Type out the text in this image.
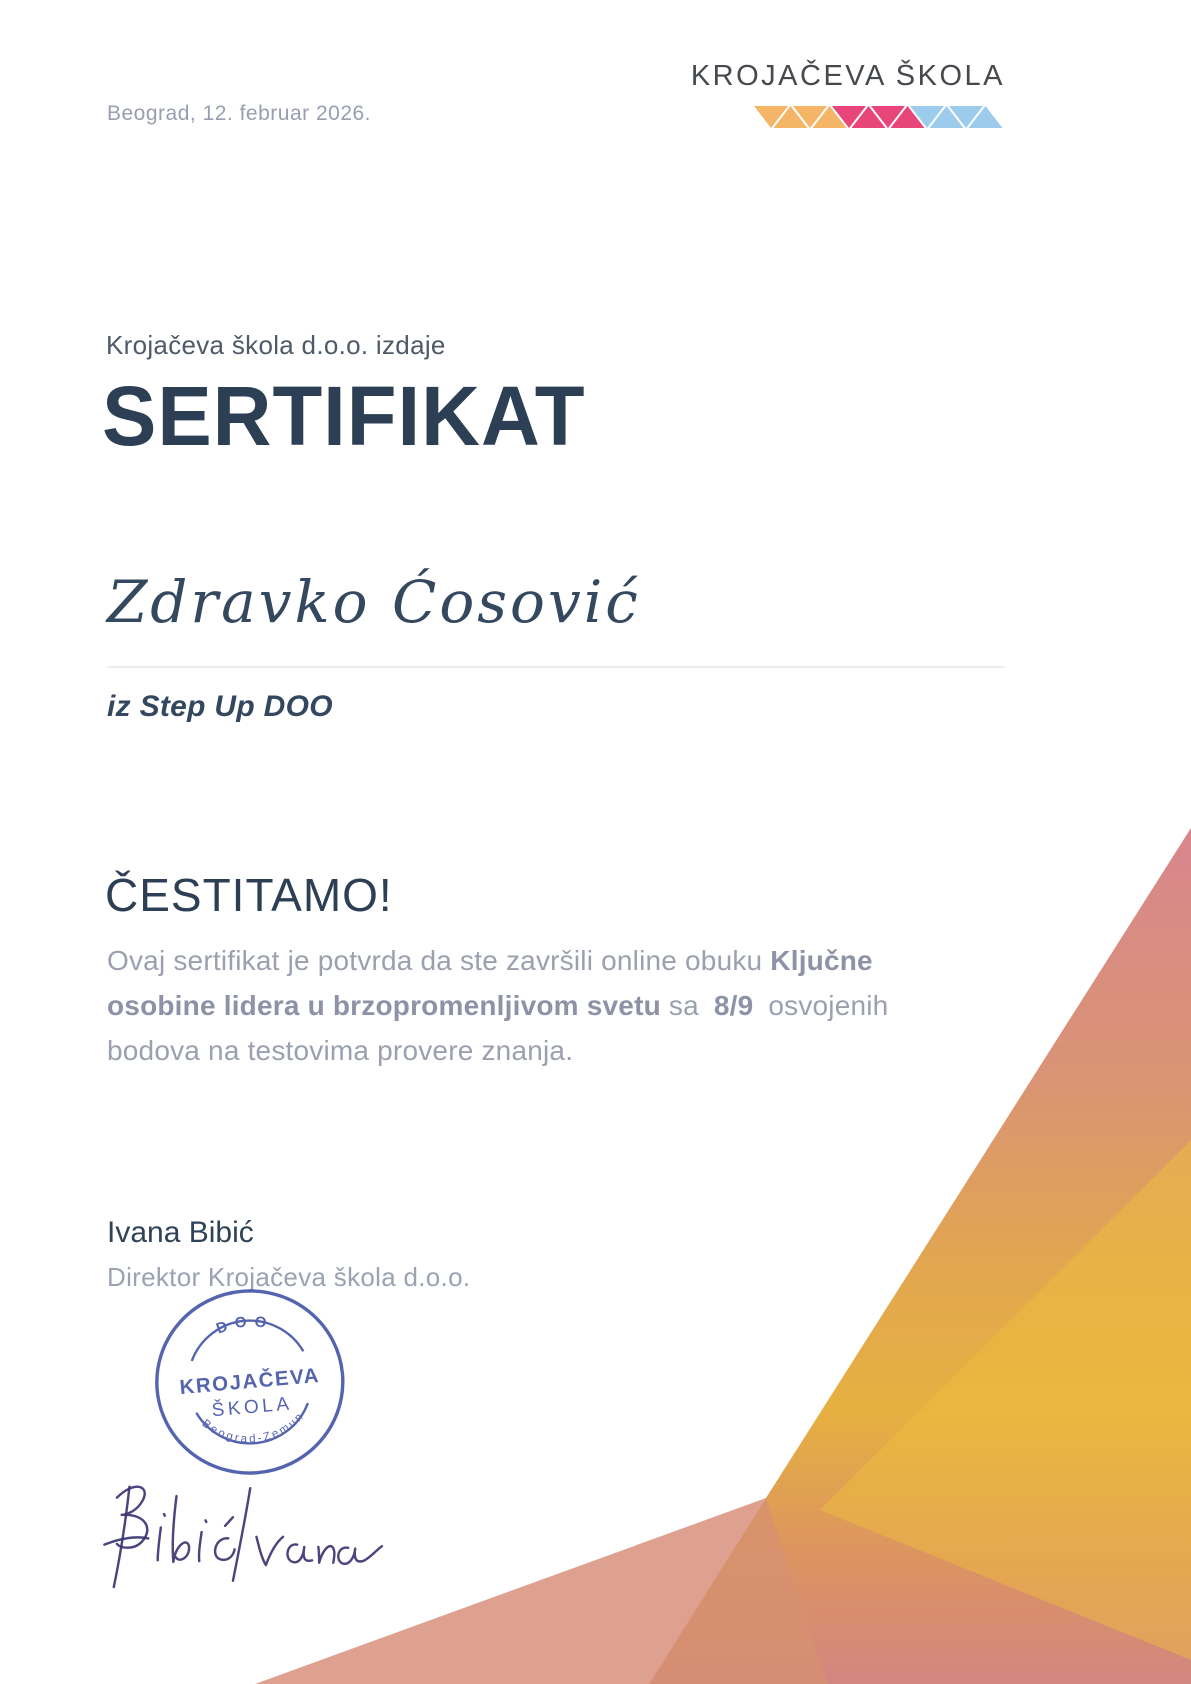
Beograd, 12. februar 2026.
KROJAČEVA ŠKOLA
Krojačeva škola d.o.o. izdaje
SERTIFIKAT
Zdravko Ćosović
iz Step Up DOO
ČESTITAMO!

Ovaj sertifikat je potvrda da ste završili online obuku Ključne osobine lidera u brzopromenljivom svetu sa 8/9 osvojenih bodova na testovima provere znanja.

Ivana Bibić
Direktor Krojačeva škola d.o.o.
DOO
KROJAČEVA
ŠKOLA
Beograd-Zemun
